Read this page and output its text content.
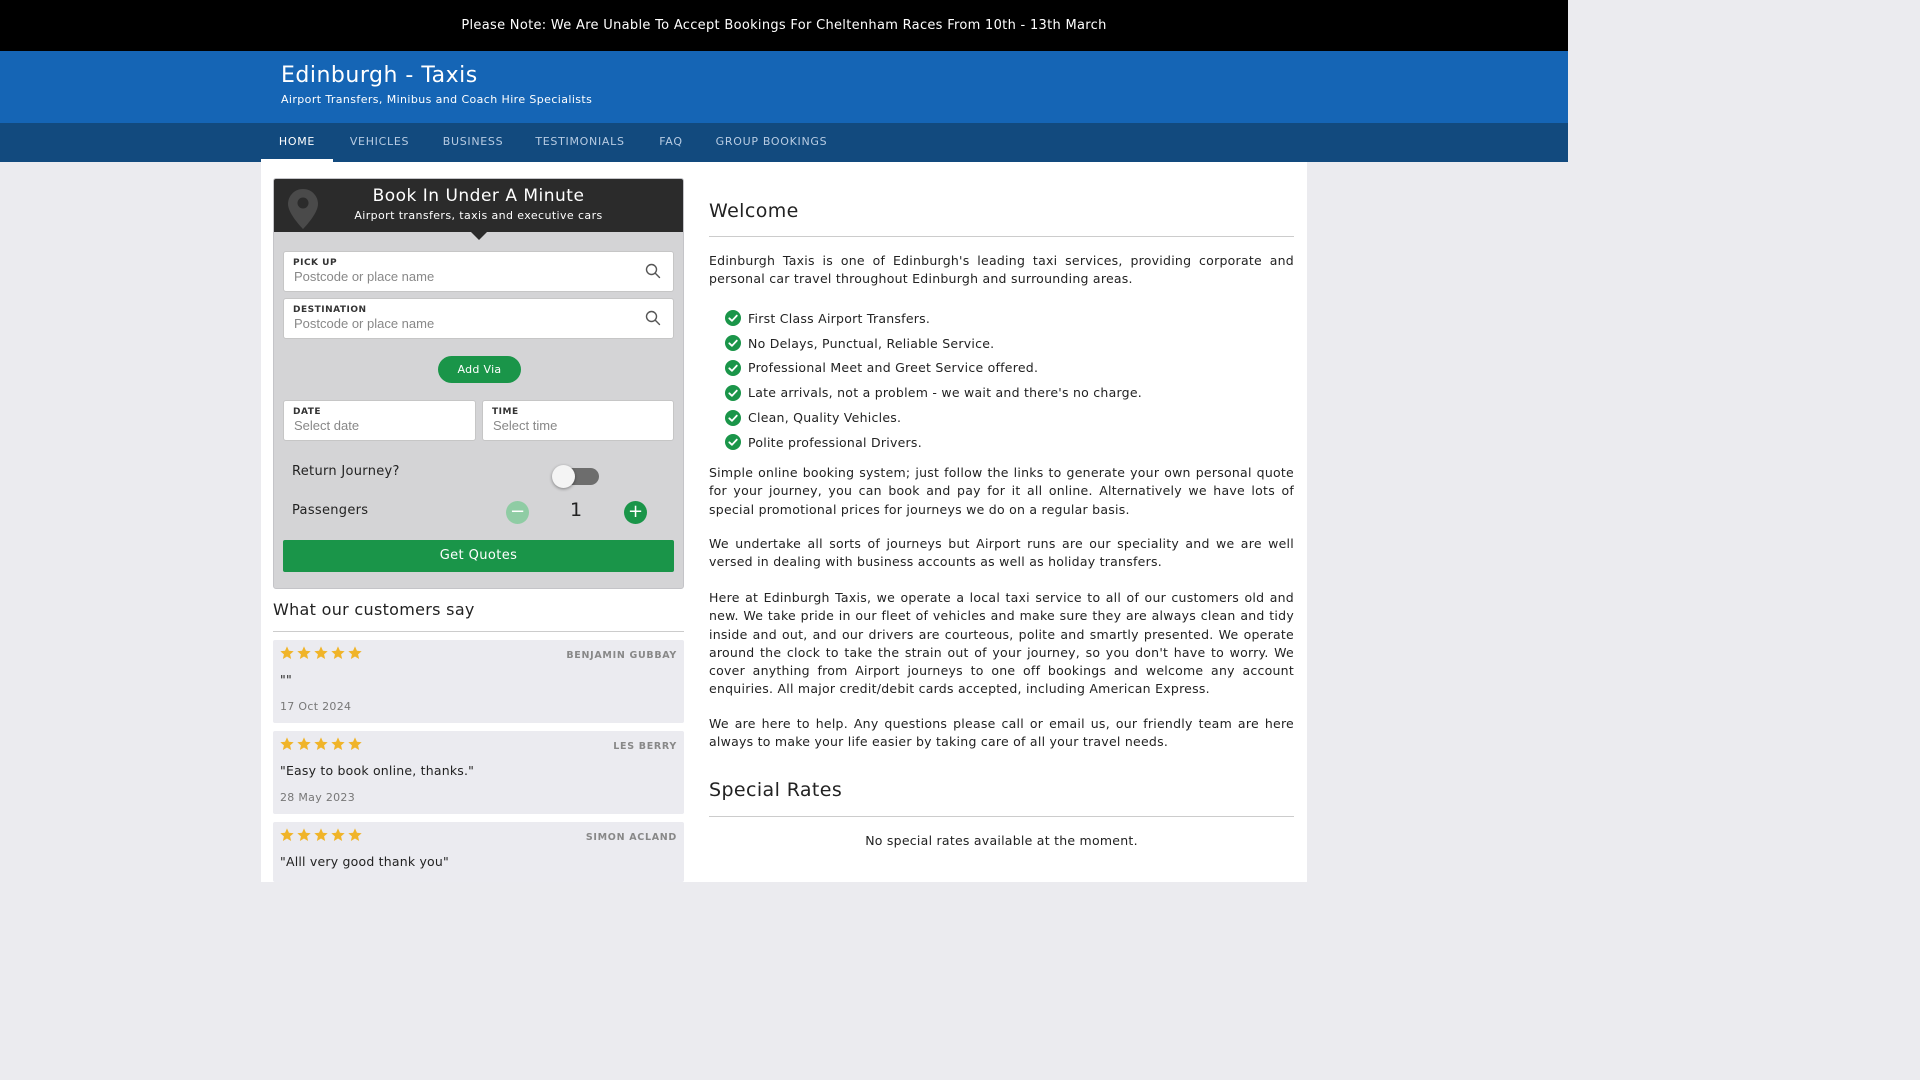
Please Note: We Are Unable To Accept Bookings For Cheltenham Races From 10th - 13th March
Edinburgh - Taxis
Airport Transfers, Minibus and Coach Hire Specialists
HOME	VEHICLES	BUSINESS	TESTIMONIALS	FAQ	GROUP BOOKINGS
Book In Under A Minute
Airport transfers, taxis and executive cars
PICK UP
Postcode or place name
DESTINATION
Postcode or place name
Add Via
DATE
Select date	TIME
Select time
Return Journey?
Passengers	−	1	+
Get Quotes
What our customers say
BENJAMIN GUBBAY
""
17 Oct 2024
LES BERRY
"Easy to book online, thanks."
28 May 2023
SIMON ACLAND
"Alll very good thank you"
Welcome

Edinburgh Taxis is one of Edinburgh's leading taxi services, providing corporate and personal car travel throughout Edinburgh and surrounding areas.

First Class Airport Transfers.
No Delays, Punctual, Reliable Service.
Professional Meet and Greet Service offered.
Late arrivals, not a problem - we wait and there's no charge.
Clean, Quality Vehicles.
Polite professional Drivers.

Simple online booking system; just follow the links to generate your own personal quote for your journey, you can book and pay for it all online. Alternatively we have lots of special promotional prices for journeys we do on a regular basis.

We undertake all sorts of journeys but Airport runs are our speciality and we are well versed in dealing with business accounts as well as holiday transfers.

Here at Edinburgh Taxis, we operate a local taxi service to all of our customers old and new. We take pride in our fleet of vehicles and make sure they are always clean and tidy inside and out, and our drivers are courteous, polite and smartly presented. We operate around the clock to take the strain out of your journey, so you don't have to worry. We cover anything from Airport journeys to one off bookings and welcome any account enquiries. All major credit/debit cards accepted, including American Express.

We are here to help. Any questions please call or email us, our friendly team are here always to make your life easier by taking care of all your travel needs.

Special Rates
No special rates available at the moment.
